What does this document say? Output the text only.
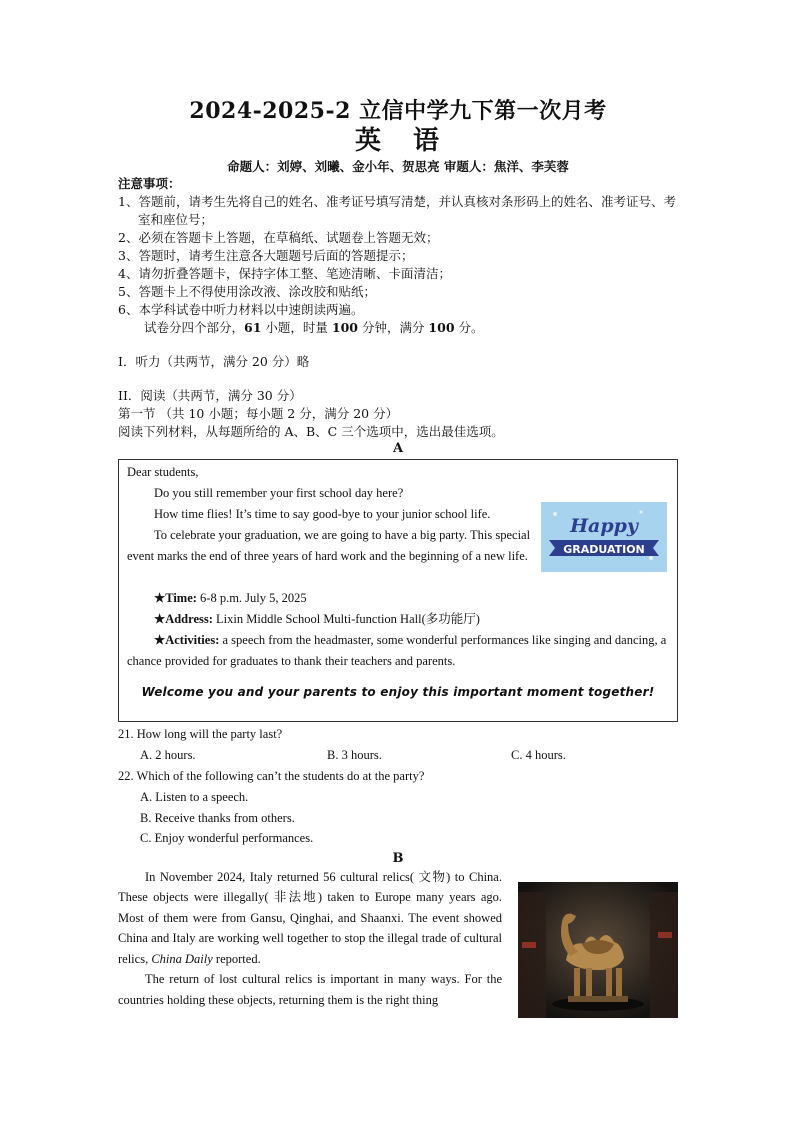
2024-2025-2 立信中学九下第一次月考

英语

命题人：刘婷、刘曦、金小年、贺思亮 审题人：焦洋、李芙蓉

注意事项：

1、答题前，请考生先将自己的姓名、准考证号填写清楚，并认真核对条形码上的姓名、准考证号、考室和座位号；

2、必须在答题卡上答题，在草稿纸、试题卷上答题无效；

3、答题时，请考生注意各大题题号后面的答题提示；

4、请勿折叠答题卡，保持字体工整、笔迹清晰、卡面清洁；

5、答题卡上不得使用涂改液、涂改胶和贴纸；

6、本学科试卷中听力材料以中速朗读两遍。

试卷分四个部分，61 小题，时量 100 分钟，满分 100 分。

I．听力（共两节，满分 20 分）略

II．阅读（共两节，满分 30 分）

第一节 （共 10 小题；每小题 2 分，满分 20 分）

阅读下列材料，从每题所给的 A、B、C 三个选项中，选出最佳选项。

A

Dear students,

Do you still remember your first school day here?

How time flies! It’s time to say good-bye to your junior school life.

To celebrate your graduation, we are going to have a big party. This special event marks the end of three years of hard work and the beginning of a new life.

★Time: 6-8 p.m. July 5, 2025

★Address: Lixin Middle School Multi-function Hall(多功能厅)

★Activities: a speech from the headmaster, some wonderful performances like singing and dancing, a chance provided for graduates to thank their teachers and parents.

Welcome you and your parents to enjoy this important moment together!

Happy
GRADUATION

21. How long will the party last?

A. 2 hours.	B. 3 hours.	C. 4 hours.

22. Which of the following can’t the students do at the party?

A. Listen to a speech.

B. Receive thanks from others.

C. Enjoy wonderful performances.

B

In November 2024, Italy returned 56 cultural relics( 文物) to China. These objects were illegally( 非法地) taken to Europe many years ago. Most of them were from Gansu, Qinghai, and Shaanxi. The event showed China and Italy are working well together to stop the illegal trade of cultural relics, China Daily reported.

The return of lost cultural relics is important in many ways. For the countries holding these objects, returning them is the right thing
